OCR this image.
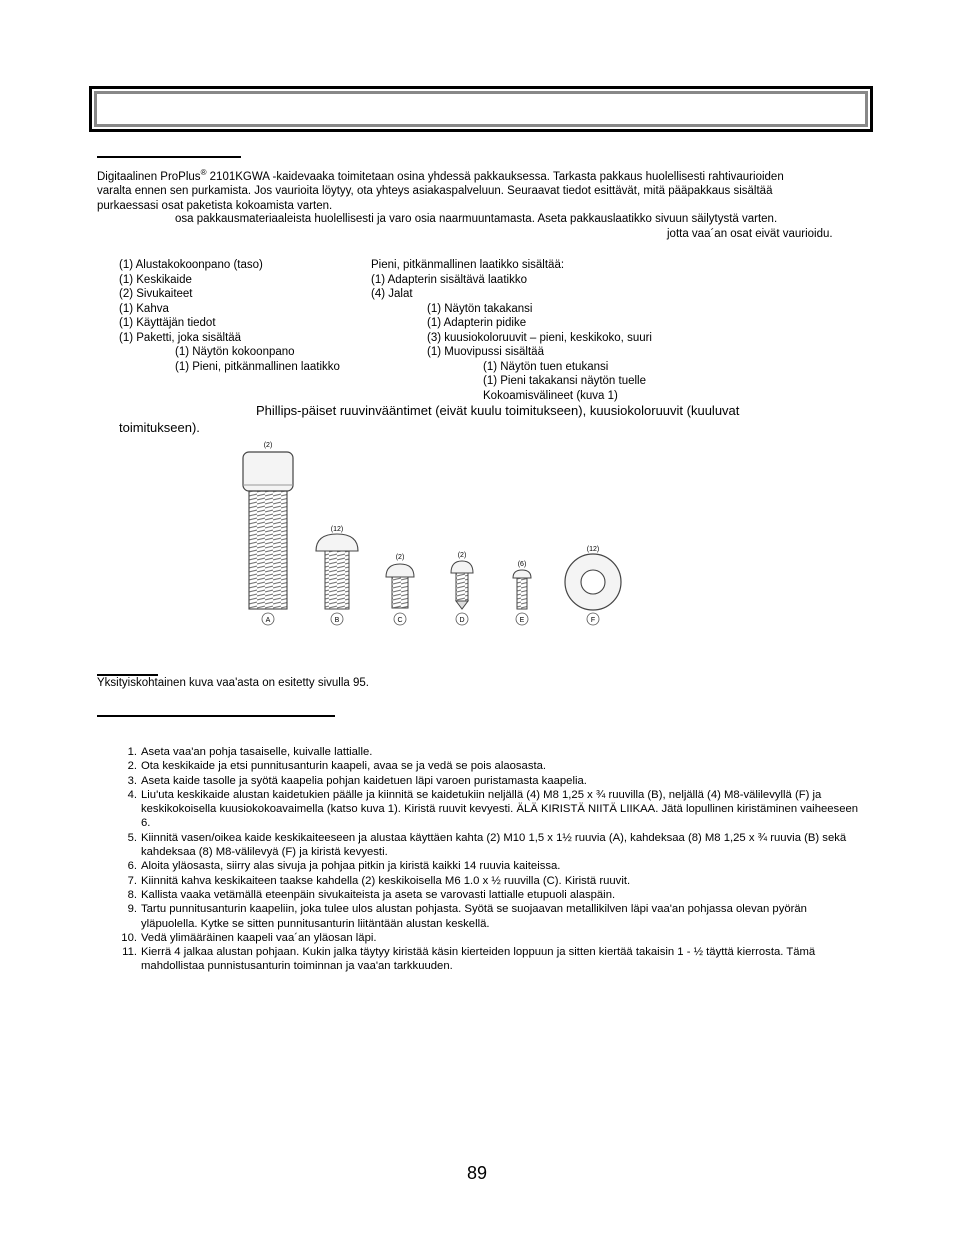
Digitaalinen ProPlus® 2101KGWA -kaidevaaka toimitetaan osina yhdessä pakkauksessa. Tarkasta pakkaus huolellisesti rahtivaurioiden
varalta ennen sen purkamista. Jos vaurioita löytyy, ota yhteys asiakaspalveluun. Seuraavat tiedot esittävät, mitä pääpakkaus sisältää
purkaessasi osat paketista kokoamista varten.
osa pakkausmateriaaleista huolellisesti ja varo osia naarmuuntamasta. Aseta pakkauslaatikko sivuun säilytystä varten.
jotta vaa´an osat eivät vaurioidu.
(1) Alustakokoonpano (taso)
(1) Keskikaide
(2) Sivukaiteet
(1) Kahva
(1) Käyttäjän tiedot
(1) Paketti, joka sisältää
(1) Näytön kokoonpano
(1) Pieni, pitkänmallinen laatikko
Pieni, pitkänmallinen laatikko sisältää:
(1) Adapterin sisältävä laatikko
(4) Jalat
(1) Näytön takakansi
(1) Adapterin pidike
(3) kuusiokoloruuvit – pieni, keskikoko, suuri
(1) Muovipussi sisältää
(1) Näytön tuen etukansi
(1) Pieni takakansi näytön tuelle
Kokoamisvälineet (kuva 1)
Phillips-päiset ruuvinvääntimet (eivät kuulu toimitukseen), kuusiokoloruuvit (kuuluvat
toimitukseen).
(2)
A
(12)
B
(2)
C
(2)
D
(6)
E
(12)
F
Yksityiskohtainen kuva vaa'asta on esitetty sivulla 95.
1. Aseta vaa'an pohja tasaiselle, kuivalle lattialle.
2. Ota keskikaide ja etsi punnitusanturin kaapeli, avaa se ja vedä se pois alaosasta.
3. Aseta kaide tasolle ja syötä kaapelia pohjan kaidetuen läpi varoen puristamasta kaapelia.
4. Liu'uta keskikaide alustan kaidetukien päälle ja kiinnitä se kaidetukiin neljällä (4) M8 1,25 x ¾ ruuvilla (B), neljällä (4) M8-välilevyllä (F) ja keskikokoisella kuusiokokoavaimella (katso kuva 1). Kiristä ruuvit kevyesti. ÄLÄ KIRISTÄ NIITÄ LIIKAA. Jätä lopullinen kiristäminen vaiheeseen 6.
5. Kiinnitä vasen/oikea kaide keskikaiteeseen ja alustaa käyttäen kahta (2) M10 1,5 x 1½ ruuvia (A), kahdeksaa (8) M8 1,25 x ¾ ruuvia (B) sekä kahdeksaa (8) M8-välilevyä (F) ja kiristä kevyesti.
6. Aloita yläosasta, siirry alas sivuja ja pohjaa pitkin ja kiristä kaikki 14 ruuvia kaiteissa.
7. Kiinnitä kahva keskikaiteen taakse kahdella (2) keskikoisella M6 1.0 x ½ ruuvilla (C). Kiristä ruuvit.
8. Kallista vaaka vetämällä eteenpäin sivukaiteista ja aseta se varovasti lattialle etupuoli alaspäin.
9. Tartu punnitusanturin kaapeliin, joka tulee ulos alustan pohjasta. Syötä se suojaavan metallikilven läpi vaa'an pohjassa olevan pyörän yläpuolella. Kytke se sitten punnitusanturin liitäntään alustan keskellä.
10. Vedä ylimääräinen kaapeli vaa´an yläosan läpi.
11. Kierrä 4 jalkaa alustan pohjaan. Kukin jalka täytyy kiristää käsin kierteiden loppuun ja sitten kiertää takaisin 1 - ½ täyttä kierrosta. Tämä mahdollistaa punnistusanturin toiminnan ja vaa'an tarkkuuden.
89
